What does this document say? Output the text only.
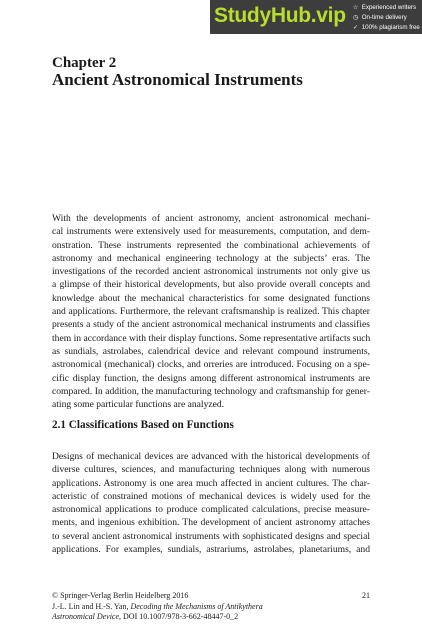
StudyHub.vip ☆ Experienced writers
◷ On-time delivery
✓ 100% plagiarism free
Chapter 2
Ancient Astronomical Instruments

With the developments of ancient astronomy, ancient astronomical mechani-
cal instruments were extensively used for measurements, computation, and dem-
onstration. These instruments represented the combinational achievements of
astronomy and mechanical engineering technology at the subjects’ eras. The
investigations of the recorded ancient astronomical instruments not only give us
a glimpse of their historical developments, but also provide overall concepts and
knowledge about the mechanical characteristics for some designated functions
and applications. Furthermore, the relevant craftsmanship is realized. This chapter
presents a study of the ancient astronomical mechanical instruments and classifies
them in accordance with their display functions. Some representative artifacts such
as sundials, astrolabes, calendrical device and relevant compound instruments,
astronomical (mechanical) clocks, and orreries are introduced. Focusing on a spe-
cific display function, the designs among different astronomical instruments are
compared. In addition, the manufacturing technology and craftsmanship for gener-
ating some particular functions are analyzed.

2.1 Classifications Based on Functions

Designs of mechanical devices are advanced with the historical developments of
diverse cultures, sciences, and manufacturing techniques along with numerous
applications. Astronomy is one area much affected in ancient cultures. The char-
acteristic of constrained motions of mechanical devices is widely used for the
astronomical applications to produce complicated calculations, precise measure-
ments, and ingenious exhibition. The development of ancient astronomy attaches
to several ancient astronomical instruments with sophisticated designs and special
applications. For examples, sundials, astrariums, astrolabes, planetariums, and

© Springer-Verlag Berlin Heidelberg 2016
J.-L. Lin and H.-S. Yan, Decoding the Mechanisms of Antikythera
Astronomical Device, DOI 10.1007/978-3-662-48447-0_2
21
